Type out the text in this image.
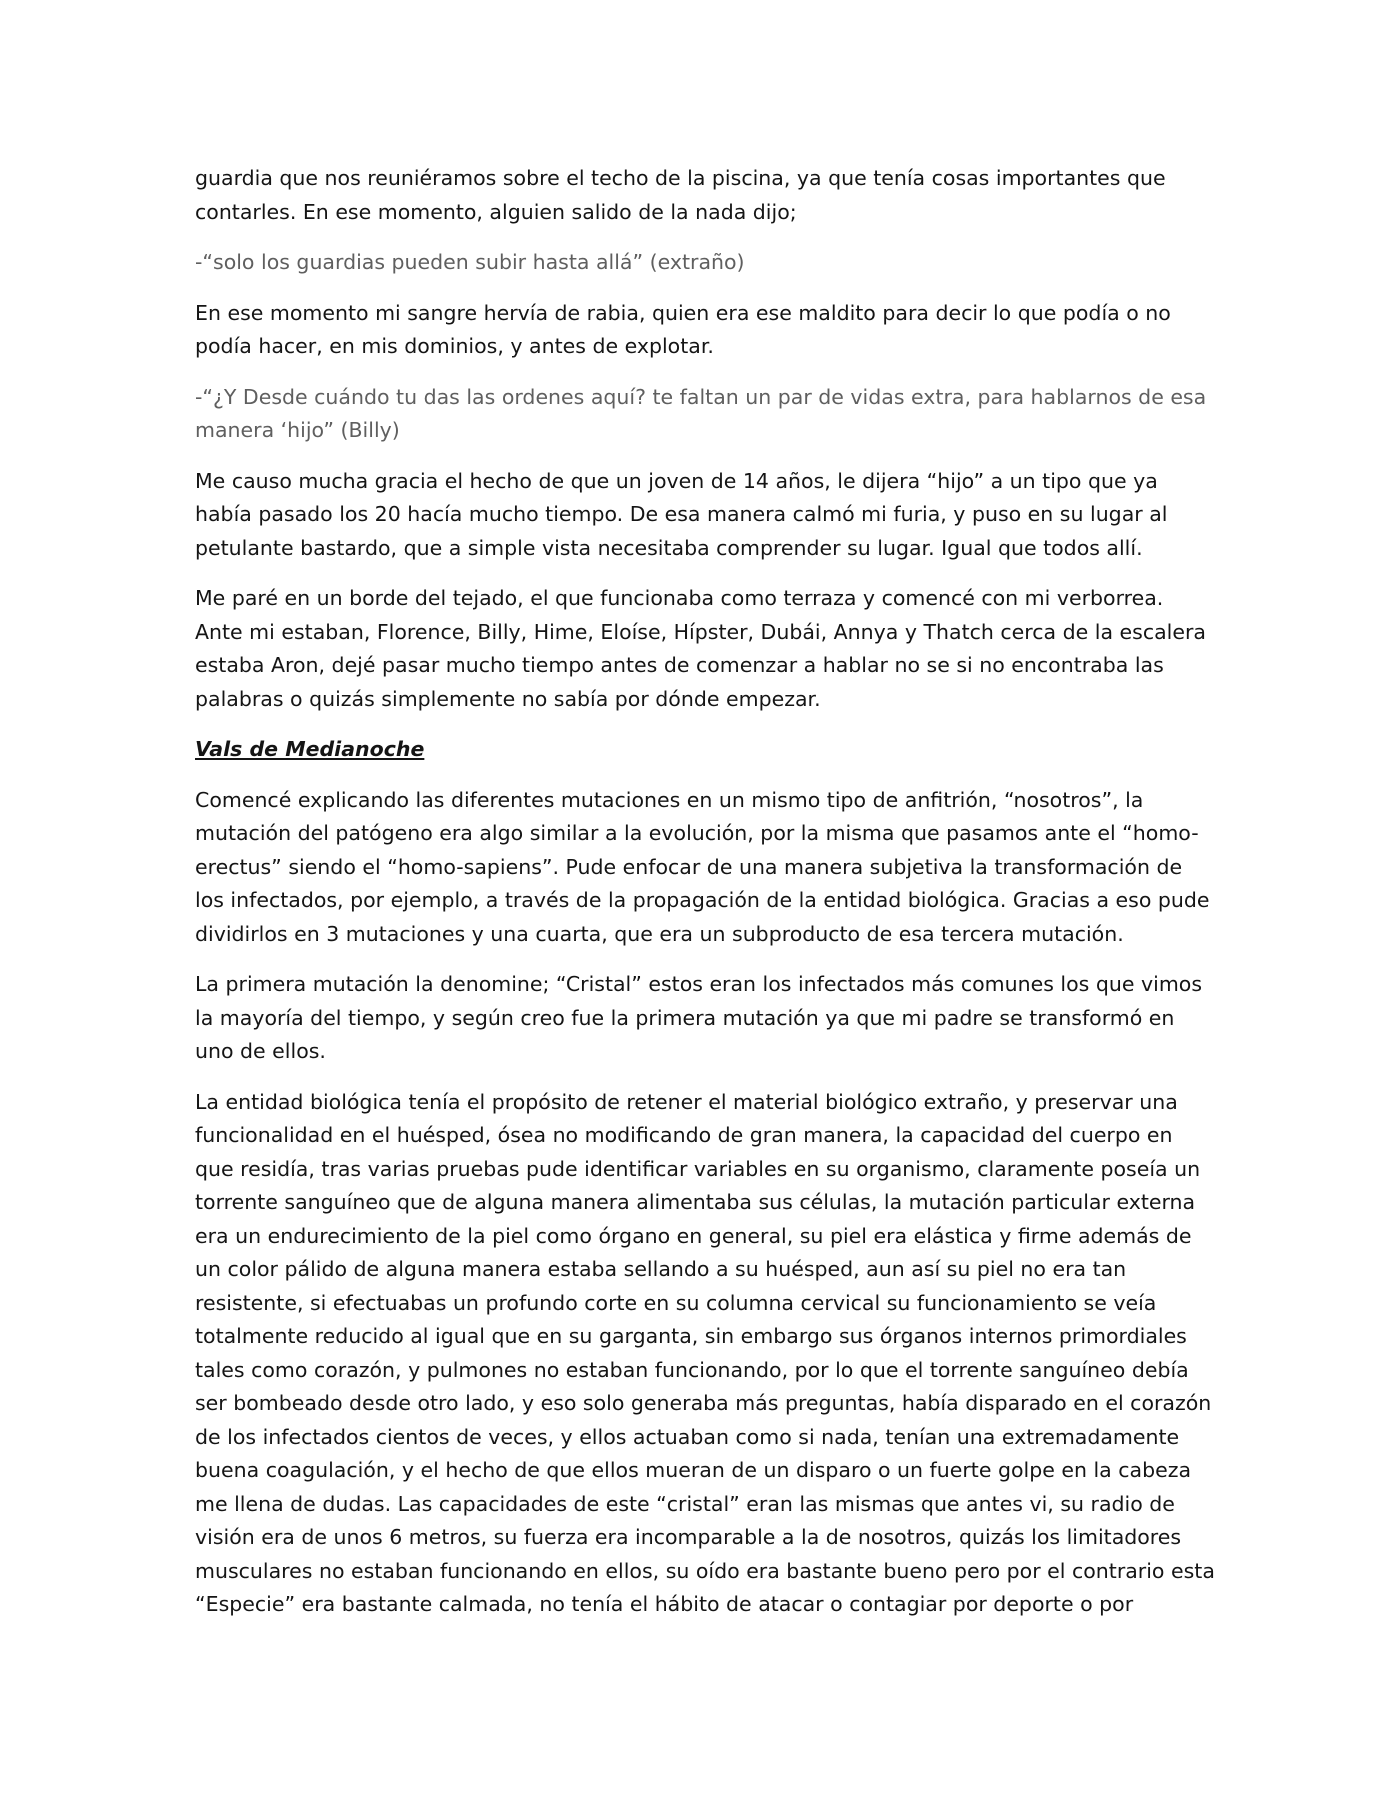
guardia que nos reuniéramos sobre el techo de la piscina, ya que tenía cosas importantes que contarles. En ese momento, alguien salido de la nada dijo;

-“solo los guardias pueden subir hasta allá” (extraño)

En ese momento mi sangre hervía de rabia, quien era ese maldito para decir lo que podía o no podía hacer, en mis dominios, y antes de explotar.

-“¿Y Desde cuándo tu das las ordenes aquí? te faltan un par de vidas extra, para hablarnos de esa manera ‘hijo” (Billy)

Me causo mucha gracia el hecho de que un joven de 14 años, le dijera “hijo” a un tipo que ya había pasado los 20 hacía mucho tiempo. De esa manera calmó mi furia, y puso en su lugar al petulante bastardo, que a simple vista necesitaba comprender su lugar. Igual que todos allí.

Me paré en un borde del tejado, el que funcionaba como terraza y comencé con mi verborrea. Ante mi estaban, Florence, Billy, Hime, Eloíse, Hípster, Dubái, Annya y Thatch cerca de la escalera estaba Aron, dejé pasar mucho tiempo antes de comenzar a hablar no se si no encontraba las palabras o quizás simplemente no sabía por dónde empezar.

Vals de Medianoche

Comencé explicando las diferentes mutaciones en un mismo tipo de anfitrión, “nosotros”, la mutación del patógeno era algo similar a la evolución, por la misma que pasamos ante el “homo-erectus” siendo el “homo-sapiens”. Pude enfocar de una manera subjetiva la transformación de los infectados, por ejemplo, a través de la propagación de la entidad biológica. Gracias a eso pude dividirlos en 3 mutaciones y una cuarta, que era un subproducto de esa tercera mutación.

La primera mutación la denomine; “Cristal” estos eran los infectados más comunes los que vimos la mayoría del tiempo, y según creo fue la primera mutación ya que mi padre se transformó en uno de ellos.

La entidad biológica tenía el propósito de retener el material biológico extraño, y preservar una funcionalidad en el huésped, ósea no modificando de gran manera, la capacidad del cuerpo en que residía, tras varias pruebas pude identificar variables en su organismo, claramente poseía un torrente sanguíneo que de alguna manera alimentaba sus células, la mutación particular externa era un endurecimiento de la piel como órgano en general, su piel era elástica y firme además de un color pálido de alguna manera estaba sellando a su huésped, aun así su piel no era tan resistente, si efectuabas un profundo corte en su columna cervical su funcionamiento se veía totalmente reducido al igual que en su garganta, sin embargo sus órganos internos primordiales tales como corazón, y pulmones no estaban funcionando, por lo que el torrente sanguíneo debía ser bombeado desde otro lado, y eso solo generaba más preguntas, había disparado en el corazón de los infectados cientos de veces, y ellos actuaban como si nada, tenían una extremadamente buena coagulación, y el hecho de que ellos mueran de un disparo o un fuerte golpe en la cabeza me llena de dudas. Las capacidades de este “cristal” eran las mismas que antes vi, su radio de visión era de unos 6 metros, su fuerza era incomparable a la de nosotros, quizás los limitadores musculares no estaban funcionando en ellos, su oído era bastante bueno pero por el contrario esta “Especie” era bastante calmada, no tenía el hábito de atacar o contagiar por deporte o por
